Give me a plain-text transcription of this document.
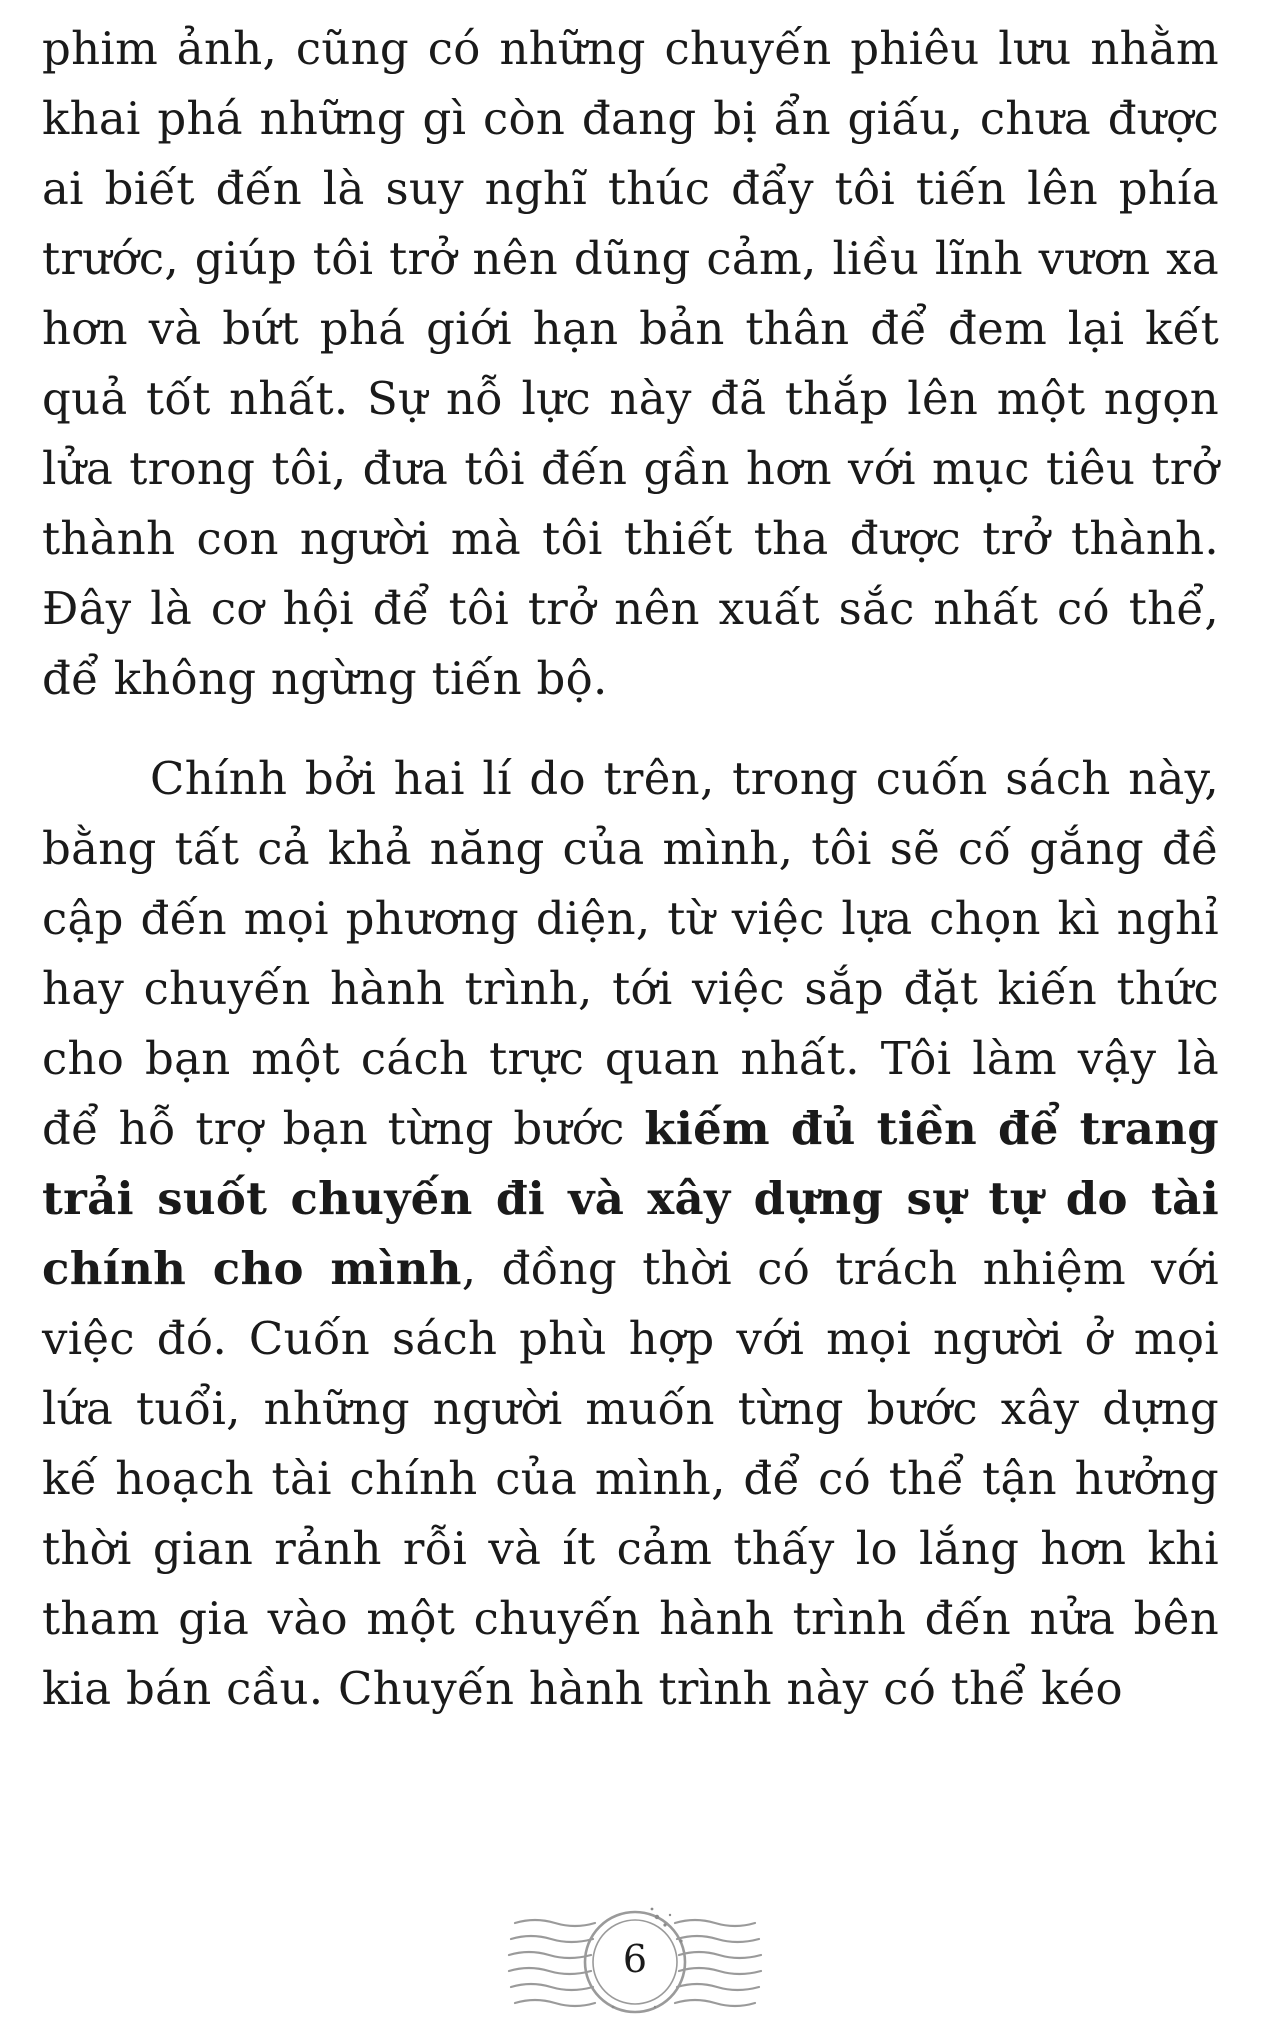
phim ảnh, cũng có những chuyến phiêu lưu nhằm khai phá những gì còn đang bị ẩn giấu, chưa được ai biết đến là suy nghĩ thúc đẩy tôi tiến lên phía trước, giúp tôi trở nên dũng cảm, liều lĩnh vươn xa hơn và bứt phá giới hạn bản thân để đem lại kết quả tốt nhất. Sự nỗ lực này đã thắp lên một ngọn lửa trong tôi, đưa tôi đến gần hơn với mục tiêu trở thành con người mà tôi thiết tha được trở thành. Đây là cơ hội để tôi trở nên xuất sắc nhất có thể, để không ngừng tiến bộ.

Chính bởi hai lí do trên, trong cuốn sách này, bằng tất cả khả năng của mình, tôi sẽ cố gắng đề cập đến mọi phương diện, từ việc lựa chọn kì nghỉ hay chuyến hành trình, tới việc sắp đặt kiến thức cho bạn một cách trực quan nhất. Tôi làm vậy là để hỗ trợ bạn từng bước kiếm đủ tiền để trang trải suốt chuyến đi và xây dựng sự tự do tài chính cho mình, đồng thời có trách nhiệm với việc đó. Cuốn sách phù hợp với mọi người ở mọi lứa tuổi, những người muốn từng bước xây dựng kế hoạch tài chính của mình, để có thể tận hưởng thời gian rảnh rỗi và ít cảm thấy lo lắng hơn khi tham gia vào một chuyến hành trình đến nửa bên kia bán cầu. Chuyến hành trình này có thể kéo

6
